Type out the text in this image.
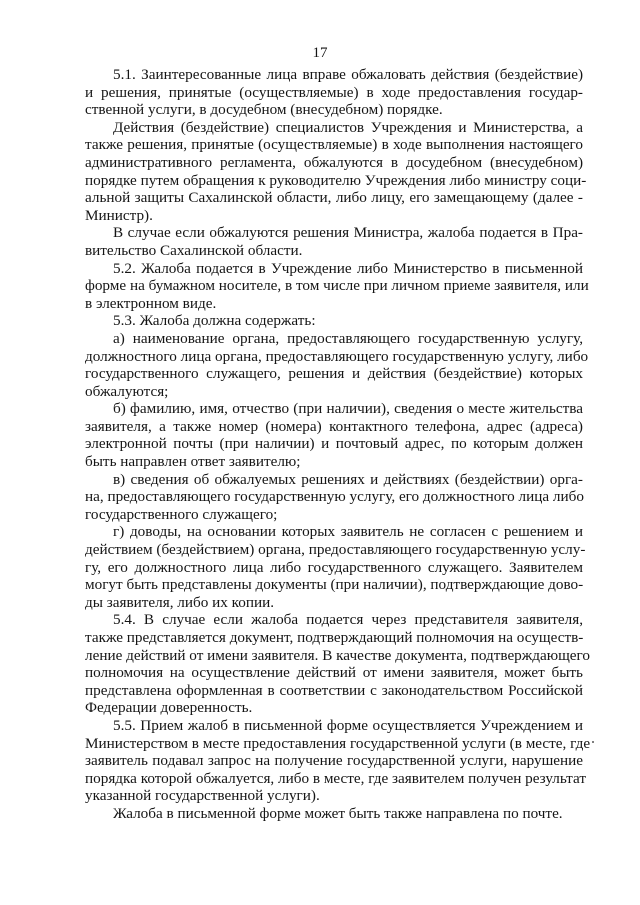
17
5.1. Заинтересованные лица вправе обжаловать действия (бездействие)
и решения, принятые (осуществляемые) в ходе предоставления государ-
ственной услуги, в досудебном (внесудебном) порядке.
Действия (бездействие) специалистов Учреждения и Министерства, а
также решения, принятые (осуществляемые) в ходе выполнения настоящего
административного регламента, обжалуются в досудебном (внесудебном)
порядке путем обращения к руководителю Учреждения либо министру соци-
альной защиты Сахалинской области, либо лицу, его замещающему (далее -
Министр).
В случае если обжалуются решения Министра, жалоба подается в Пра-
вительство Сахалинской области.
5.2. Жалоба подается в Учреждение либо Министерство в письменной
форме на бумажном носителе, в том числе при личном приеме заявителя, или
в электронном виде.
5.3. Жалоба должна содержать:
а) наименование органа, предоставляющего государственную услугу,
должностного лица органа, предоставляющего государственную услугу, либо
государственного служащего, решения и действия (бездействие) которых
обжалуются;
б) фамилию, имя, отчество (при наличии), сведения о месте жительства
заявителя, а также номер (номера) контактного телефона, адрес (адреса)
электронной почты (при наличии) и почтовый адрес, по которым должен
быть направлен ответ заявителю;
в) сведения об обжалуемых решениях и действиях (бездействии) орга-
на, предоставляющего государственную услугу, его должностного лица либо
государственного служащего;
г) доводы, на основании которых заявитель не согласен с решением и
действием (бездействием) органа, предоставляющего государственную услу-
гу, его должностного лица либо государственного служащего. Заявителем
могут быть представлены документы (при наличии), подтверждающие дово-
ды заявителя, либо их копии.
5.4. В случае если жалоба подается через представителя заявителя,
также представляется документ, подтверждающий полномочия на осуществ-
ление действий от имени заявителя. В качестве документа, подтверждающего
полномочия на осуществление действий от имени заявителя, может быть
представлена оформленная в соответствии с законодательством Российской
Федерации доверенность.
5.5. Прием жалоб в письменной форме осуществляется Учреждением и
Министерством в месте предоставления государственной услуги (в месте, где
заявитель подавал запрос на получение государственной услуги, нарушение
порядка которой обжалуется, либо в месте, где заявителем получен результат
указанной государственной услуги).
Жалоба в письменной форме может быть также направлена по почте.
